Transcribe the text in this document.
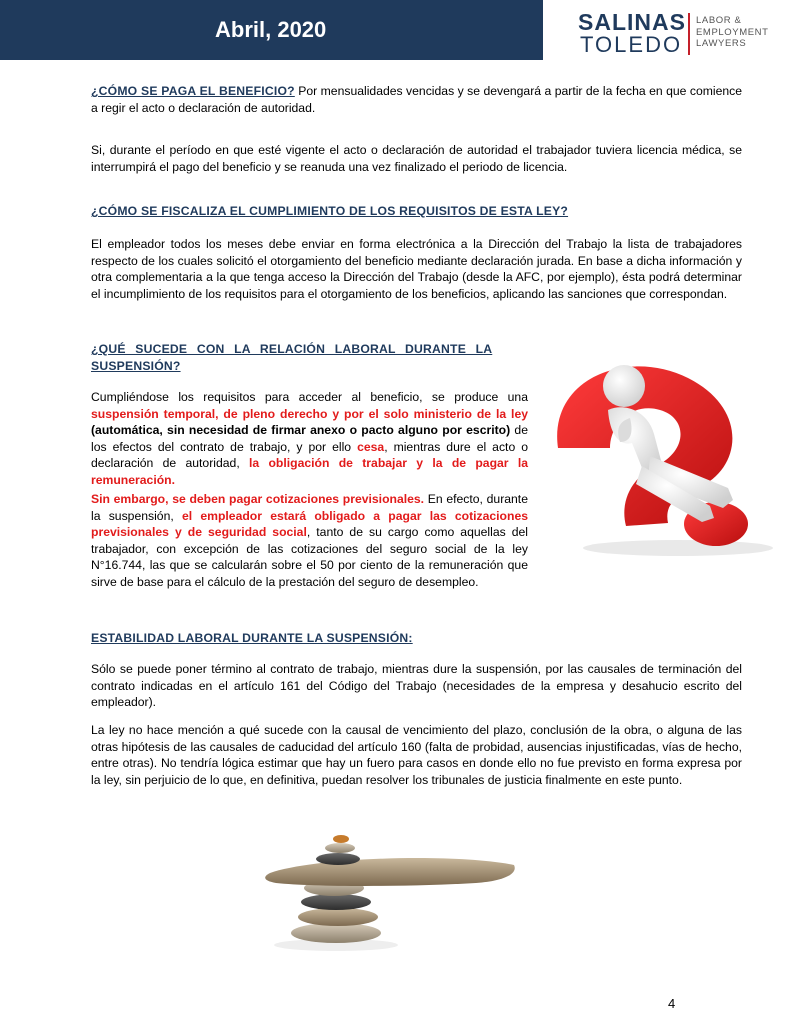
Abril, 2020	SALINAS
TOLEDO
LABOR &
EMPLOYMENT
LAWYERS

¿CÓMO SE PAGA EL BENEFICIO? Por mensualidades vencidas y se devengará a partir de la fecha en que comience a regir el acto o declaración de autoridad.

Si, durante el período en que esté vigente el acto o declaración de autoridad el trabajador tuviera licencia médica, se interrumpirá el pago del beneficio y se reanuda una vez finalizado el periodo de licencia.

¿CÓMO SE FISCALIZA EL CUMPLIMIENTO DE LOS REQUISITOS DE ESTA LEY?

El empleador todos los meses debe enviar en forma electrónica a la Dirección del Trabajo la lista de trabajadores respecto de los cuales solicitó el otorgamiento del beneficio mediante declaración jurada. En base a dicha información y otra complementaria a la que tenga acceso la Dirección del Trabajo (desde la AFC, por ejemplo), ésta podrá determinar el incumplimiento de los requisitos para el otorgamiento de los beneficios, aplicando las sanciones que correspondan.

¿QUÉ SUCEDE CON LA RELACIÓN LABORAL DURANTE LA SUSPENSIÓN?

Cumpliéndose los requisitos para acceder al beneficio, se produce una suspensión temporal, de pleno derecho y por el solo ministerio de la ley (automática, sin necesidad de firmar anexo o pacto alguno por escrito) de los efectos del contrato de trabajo, y por ello cesa, mientras dure el acto o declaración de autoridad, la obligación de trabajar y la de pagar la remuneración.

Sin embargo, se deben pagar cotizaciones previsionales. En efecto, durante la suspensión, el empleador estará obligado a pagar las cotizaciones previsionales y de seguridad social, tanto de su cargo como aquellas del trabajador, con excepción de las cotizaciones del seguro social de la ley N°16.744, las que se calcularán sobre el 50 por ciento de la remuneración que sirve de base para el cálculo de la prestación del seguro de desempleo.

ESTABILIDAD LABORAL DURANTE LA SUSPENSIÓN:

Sólo se puede poner término al contrato de trabajo, mientras dure la suspensión, por las causales de terminación del contrato indicadas en el artículo 161 del Código del Trabajo (necesidades de la empresa y desahucio escrito del empleador).

La ley no hace mención a qué sucede con la causal de vencimiento del plazo, conclusión de la obra, o alguna de las otras hipótesis de las causales de caducidad del artículo 160 (falta de probidad, ausencias injustificadas, vías de hecho, entre otras). No tendría lógica estimar que hay un fuero para casos en donde ello no fue previsto en forma expresa por la ley, sin perjuicio de lo que, en definitiva, puedan resolver los tribunales de justicia finalmente en este punto.

4
